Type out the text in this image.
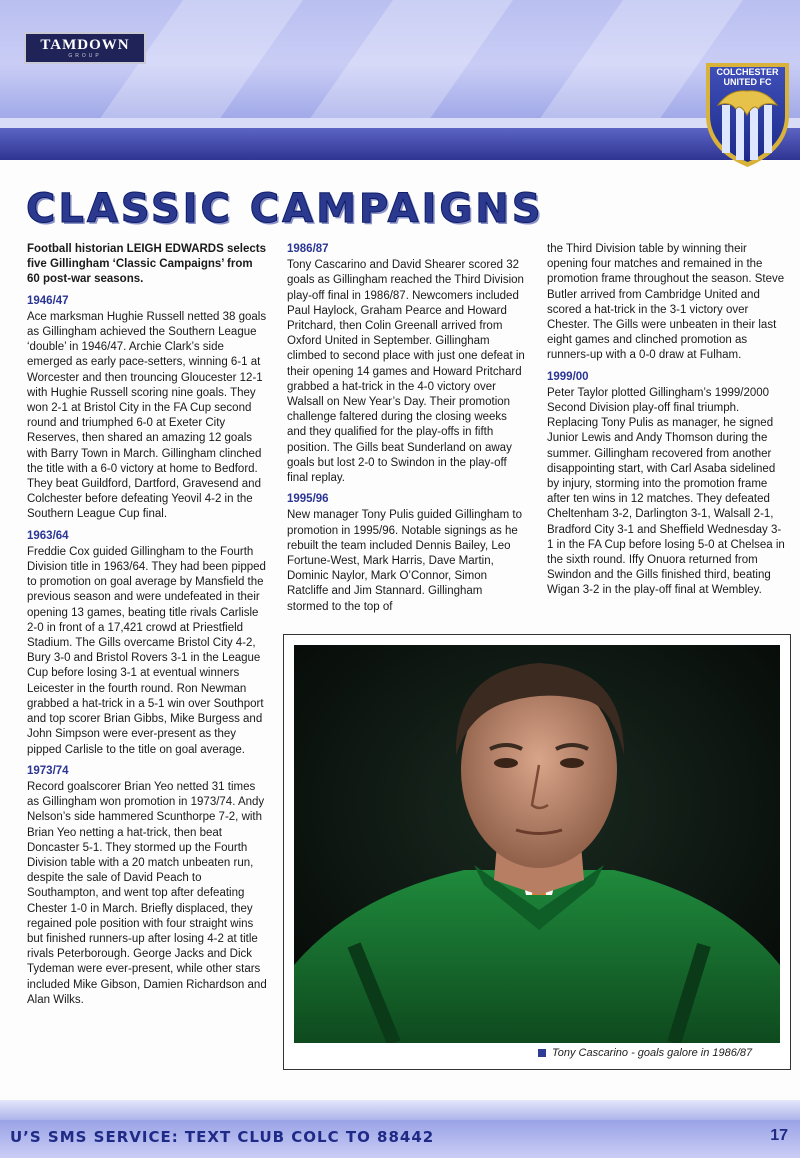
TAMDOWN
GROUP
COLCHESTER
UNITED FC
CLASSIC CAMPAIGNS

Football historian LEIGH EDWARDS selects five Gillingham ‘Classic Campaigns’ from 60 post-war seasons.

1946/47

Ace marksman Hughie Russell netted 38 goals as Gillingham achieved the Southern League ‘double’ in 1946/47. Archie Clark’s side emerged as early pace-setters, winning 6-1 at Worcester and then trouncing Gloucester 12-1 with Hughie Russell scoring nine goals. They won 2-1 at Bristol City in the FA Cup second round and triumphed 6-0 at Exeter City Reserves, then shared an amazing 12 goals with Barry Town in March. Gillingham clinched the title with a 6-0 victory at home to Bedford. They beat Guildford, Dartford, Gravesend and Colchester before defeating Yeovil 4-2 in the Southern League Cup final.

1963/64

Freddie Cox guided Gillingham to the Fourth Division title in 1963/64. They had been pipped to promotion on goal average by Mansfield the previous season and were undefeated in their opening 13 games, beating title rivals Carlisle 2-0 in front of a 17,421 crowd at Priestfield Stadium. The Gills overcame Bristol City 4-2, Bury 3-0 and Bristol Rovers 3-1 in the League Cup before losing 3-1 at eventual winners Leicester in the fourth round. Ron Newman grabbed a hat-trick in a 5-1 win over Southport and top scorer Brian Gibbs, Mike Burgess and John Simpson were ever-present as they pipped Carlisle to the title on goal average.

1973/74

Record goalscorer Brian Yeo netted 31 times as Gillingham won promotion in 1973/74. Andy Nelson’s side hammered Scunthorpe 7-2, with Brian Yeo netting a hat-trick, then beat Doncaster 5-1. They stormed up the Fourth Division table with a 20 match unbeaten run, despite the sale of David Peach to Southampton, and went top after defeating Chester 1-0 in March. Briefly displaced, they regained pole position with four straight wins but finished runners-up after losing 4-2 at title rivals Peterborough. George Jacks and Dick Tydeman were ever-present, while other stars included Mike Gibson, Damien Richardson and Alan Wilks.

1986/87

Tony Cascarino and David Shearer scored 32 goals as Gillingham reached the Third Division play-off final in 1986/87. Newcomers included Paul Haylock, Graham Pearce and Howard Pritchard, then Colin Greenall arrived from Oxford United in September. Gillingham climbed to second place with just one defeat in their opening 14 games and Howard Pritchard grabbed a hat-trick in the 4-0 victory over Walsall on New Year’s Day. Their promotion challenge faltered during the closing weeks and they qualified for the play-offs in fifth position. The Gills beat Sunderland on away goals but lost 2-0 to Swindon in the play-off final replay.

1995/96

New manager Tony Pulis guided Gillingham to promotion in 1995/96. Notable signings as he rebuilt the team included Dennis Bailey, Leo Fortune-West, Mark Harris, Dave Martin, Dominic Naylor, Mark O’Connor, Simon Ratcliffe and Jim Stannard. Gillingham stormed to the top of

the Third Division table by winning their opening four matches and remained in the promotion frame throughout the season. Steve Butler arrived from Cambridge United and scored a hat-trick in the 3-1 victory over Chester. The Gills were unbeaten in their last eight games and clinched promotion as runners-up with a 0-0 draw at Fulham.

1999/00

Peter Taylor plotted Gillingham’s 1999/2000 Second Division play-off final triumph. Replacing Tony Pulis as manager, he signed Junior Lewis and Andy Thomson during the summer. Gillingham recovered from another disappointing start, with Carl Asaba sidelined by injury, storming into the promotion frame after ten wins in 12 matches. They defeated Cheltenham 3-2, Darlington 3-1, Walsall 2-1, Bradford City 3-1 and Sheffield Wednesday 3-1 in the FA Cup before losing 5-0 at Chelsea in the sixth round. Iffy Onuora returned from Swindon and the Gills finished third, beating Wigan 3-2 in the play-off final at Wembley.

Tony Cascarino - goals galore in 1986/87
U’S SMS SERVICE: TEXT CLUB COLC TO 88442	17
